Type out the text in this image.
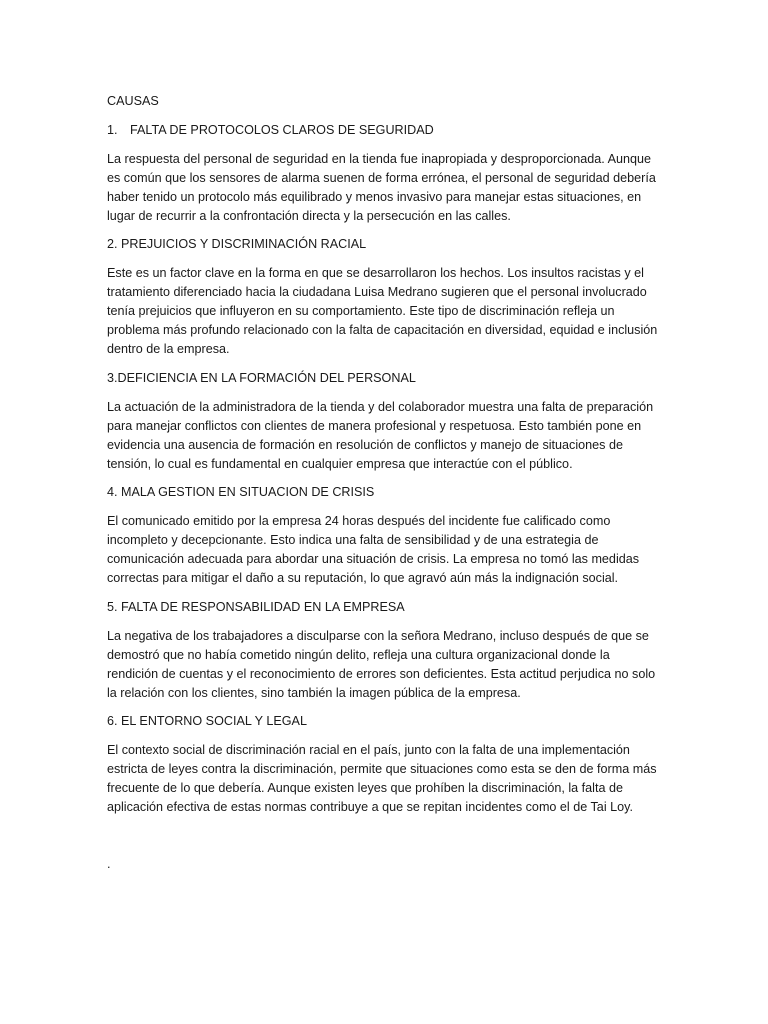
CAUSAS

1. FALTA DE PROTOCOLOS CLAROS DE SEGURIDAD

La respuesta del personal de seguridad en la tienda fue inapropiada y desproporcionada. Aunque es común que los sensores de alarma suenen de forma errónea, el personal de seguridad debería haber tenido un protocolo más equilibrado y menos invasivo para manejar estas situaciones, en lugar de recurrir a la confrontación directa y la persecución en las calles.

2. PREJUICIOS Y DISCRIMINACIÓN RACIAL

Este es un factor clave en la forma en que se desarrollaron los hechos. Los insultos racistas y el tratamiento diferenciado hacia la ciudadana Luisa Medrano sugieren que el personal involucrado tenía prejuicios que influyeron en su comportamiento. Este tipo de discriminación refleja un problema más profundo relacionado con la falta de capacitación en diversidad, equidad e inclusión dentro de la empresa.

3.DEFICIENCIA EN LA FORMACIÓN DEL PERSONAL

La actuación de la administradora de la tienda y del colaborador muestra una falta de preparación para manejar conflictos con clientes de manera profesional y respetuosa. Esto también pone en evidencia una ausencia de formación en resolución de conflictos y manejo de situaciones de tensión, lo cual es fundamental en cualquier empresa que interactúe con el público.

4. MALA GESTION EN SITUACION DE CRISIS

El comunicado emitido por la empresa 24 horas después del incidente fue calificado como incompleto y decepcionante. Esto indica una falta de sensibilidad y de una estrategia de comunicación adecuada para abordar una situación de crisis. La empresa no tomó las medidas correctas para mitigar el daño a su reputación, lo que agravó aún más la indignación social.

5. FALTA DE RESPONSABILIDAD EN LA EMPRESA

La negativa de los trabajadores a disculparse con la señora Medrano, incluso después de que se demostró que no había cometido ningún delito, refleja una cultura organizacional donde la rendición de cuentas y el reconocimiento de errores son deficientes. Esta actitud perjudica no solo la relación con los clientes, sino también la imagen pública de la empresa.

6. EL ENTORNO SOCIAL Y LEGAL

El contexto social de discriminación racial en el país, junto con la falta de una implementación estricta de leyes contra la discriminación, permite que situaciones como esta se den de forma más frecuente de lo que debería. Aunque existen leyes que prohíben la discriminación, la falta de aplicación efectiva de estas normas contribuye a que se repitan incidentes como el de Tai Loy.

.
